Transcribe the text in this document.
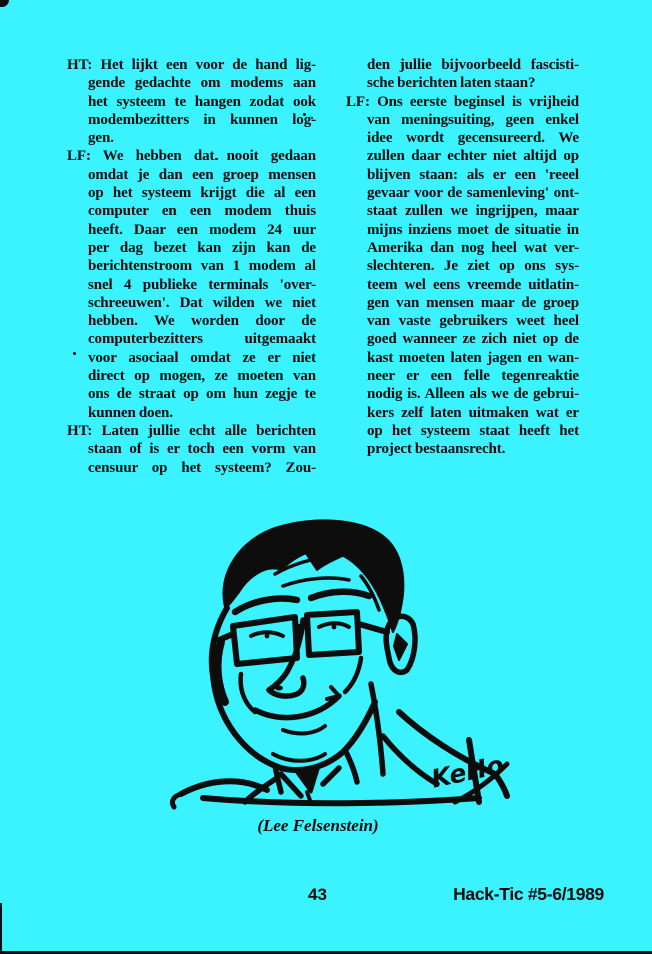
HT: Het lijkt een voor de hand lig-
gende gedachte om modems aan
het systeem te hangen zodat ook
modembezitters in kunnen log-
gen.
LF: We hebben dat nooit gedaan
omdat je dan een groep mensen
op het systeem krijgt die al een
computer en een modem thuis
heeft. Daar een modem 24 uur
per dag bezet kan zijn kan de
berichtenstroom van 1 modem al
snel 4 publieke terminals 'over-
schreeuwen'. Dat wilden we niet
hebben. We worden door de
computerbezitters uitgemaakt
voor asociaal omdat ze er niet
direct op mogen, ze moeten van
ons de straat op om hun zegje te
kunnen doen.
HT: Laten jullie echt alle berichten
staan of is er toch een vorm van
censuur op het systeem? Zou-
den jullie bijvoorbeeld fascisti-
sche berichten laten staan?
LF: Ons eerste beginsel is vrijheid
van meningsuiting, geen enkel
idee wordt gecensureerd. We
zullen daar echter niet altijd op
blijven staan: als er een 'reeel
gevaar voor de samenleving' ont-
staat zullen we ingrijpen, maar
mijns inziens moet de situatie in
Amerika dan nog heel wat ver-
slechteren. Je ziet op ons sys-
teem wel eens vreemde uitlatin-
gen van mensen maar de groep
van vaste gebruikers weet heel
goed wanneer ze zich niet op de
kast moeten laten jagen en wan-
neer er een felle tegenreaktie
nodig is. Alleen als we de gebrui-
kers zelf laten uitmaken wat er
op het systeem staat heeft het
project bestaansrecht.
KeHo
(Lee Felsenstein)
43	Hack-Tic #5-6/1989
